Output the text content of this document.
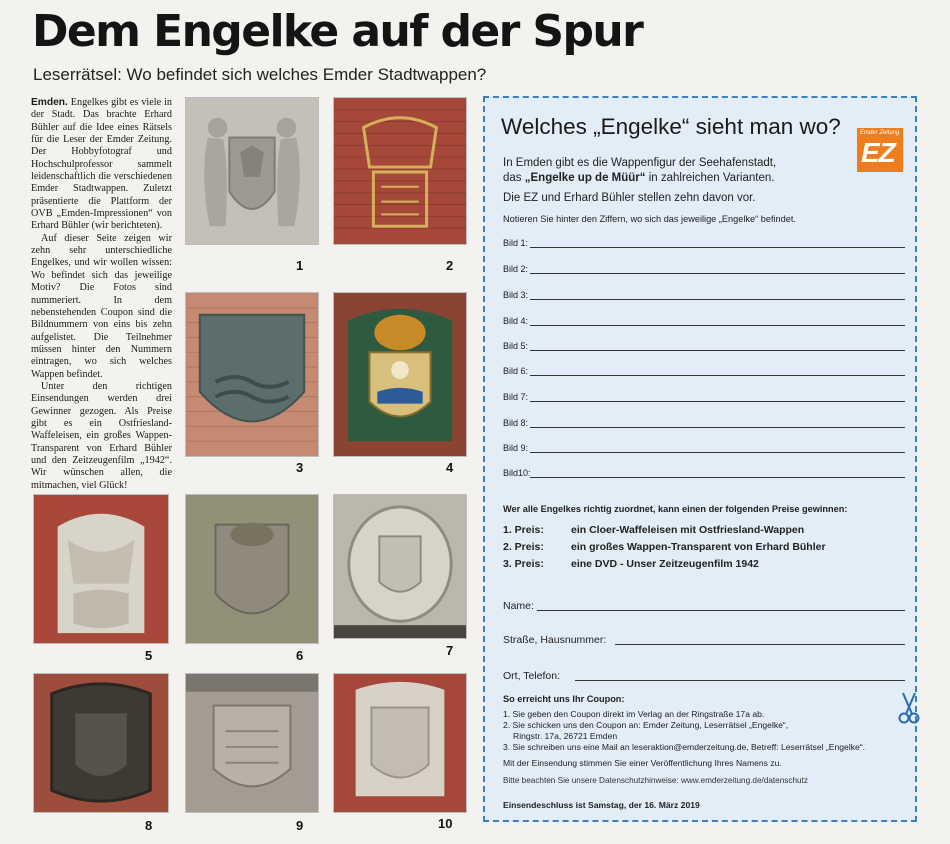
Dem Engelke auf der Spur
Leserrätsel: Wo befindet sich welches Emder Stadtwappen?

Emden. Engelkes gibt es viele in der Stadt. Das brachte Erhard Bühler auf die Idee eines Rätsels für die Leser der Emder Zeitung. Der Hobbyfotograf und Hochschulprofessor sammelt leidenschaftlich die verschiedenen Emder Stadtwappen. Zuletzt präsentierte die Plattform der OVB „Emden-Impressionen“ von Erhard Bühler (wir berichteten).

Auf dieser Seite zeigen wir zehn sehr unterschiedliche Engelkes, und wir wollen wissen: Wo befindet sich das jeweilige Motiv? Die Fotos sind nummeriert. In dem nebenstehenden Coupon sind die Bildnummern von eins bis zehn aufgelistet. Die Teilnehmer müssen hinter den Nummern eintragen, wo sich welches Wappen befindet.

Unter den richtigen Einsendungen werden drei Gewinner gezogen. Als Preise gibt es ein Ostfriesland-Waffeleisen, ein großes Wappen-Transparent von Erhard Bühler und den Zeitzeugenfilm „1942“. Wir wünschen allen, die mitmachen, viel Glück!

1	2
3	4
5	6	7
8	9	10
Welches „Engelke“ sieht man wo?	Emder Zeitung
EZ
In Emden gibt es die Wappenfigur der Seehafenstadt,
das „Engelke up de Müür“ in zahlreichen Varianten.
Die EZ und Erhard Bühler stellen zehn davon vor.
Notieren Sie hinter den Ziffern, wo sich das jeweilige „Engelke“ befindet.
Bild 1:
Bild 2:
Bild 3:
Bild 4:
Bild 5:
Bild 6:
Bild 7:
Bild 8:
Bild 9:
Bild10:
Wer alle Engelkes richtig zuordnet, kann einen der folgenden Preise gewinnen:
1. Preis:	ein Cloer-Waffeleisen mit Ostfriesland-Wappen
2. Preis:	ein großes Wappen-Transparent von Erhard Bühler
3. Preis:	eine DVD - Unser Zeitzeugenfilm 1942
Name:
Straße, Hausnummer:
Ort, Telefon:
So erreicht uns Ihr Coupon:
1. Sie geben den Coupon direkt im Verlag an der Ringstraße 17a ab.
2. Sie schicken uns den Coupon an: Emder Zeitung, Leserrätsel „Engelke“,
Ringstr. 17a, 26721 Emden
3. Sie schreiben uns eine Mail an leseraktion@emderzeitung.de, Betreff: Leserrätsel „Engelke“.
Mit der Einsendung stimmen Sie einer Veröffentlichung Ihres Namens zu.
Bitte beachten Sie unsere Datenschutzhinweise: www.emderzeitung.de/datenschutz
Einsendeschluss ist Samstag, der 16. März 2019
